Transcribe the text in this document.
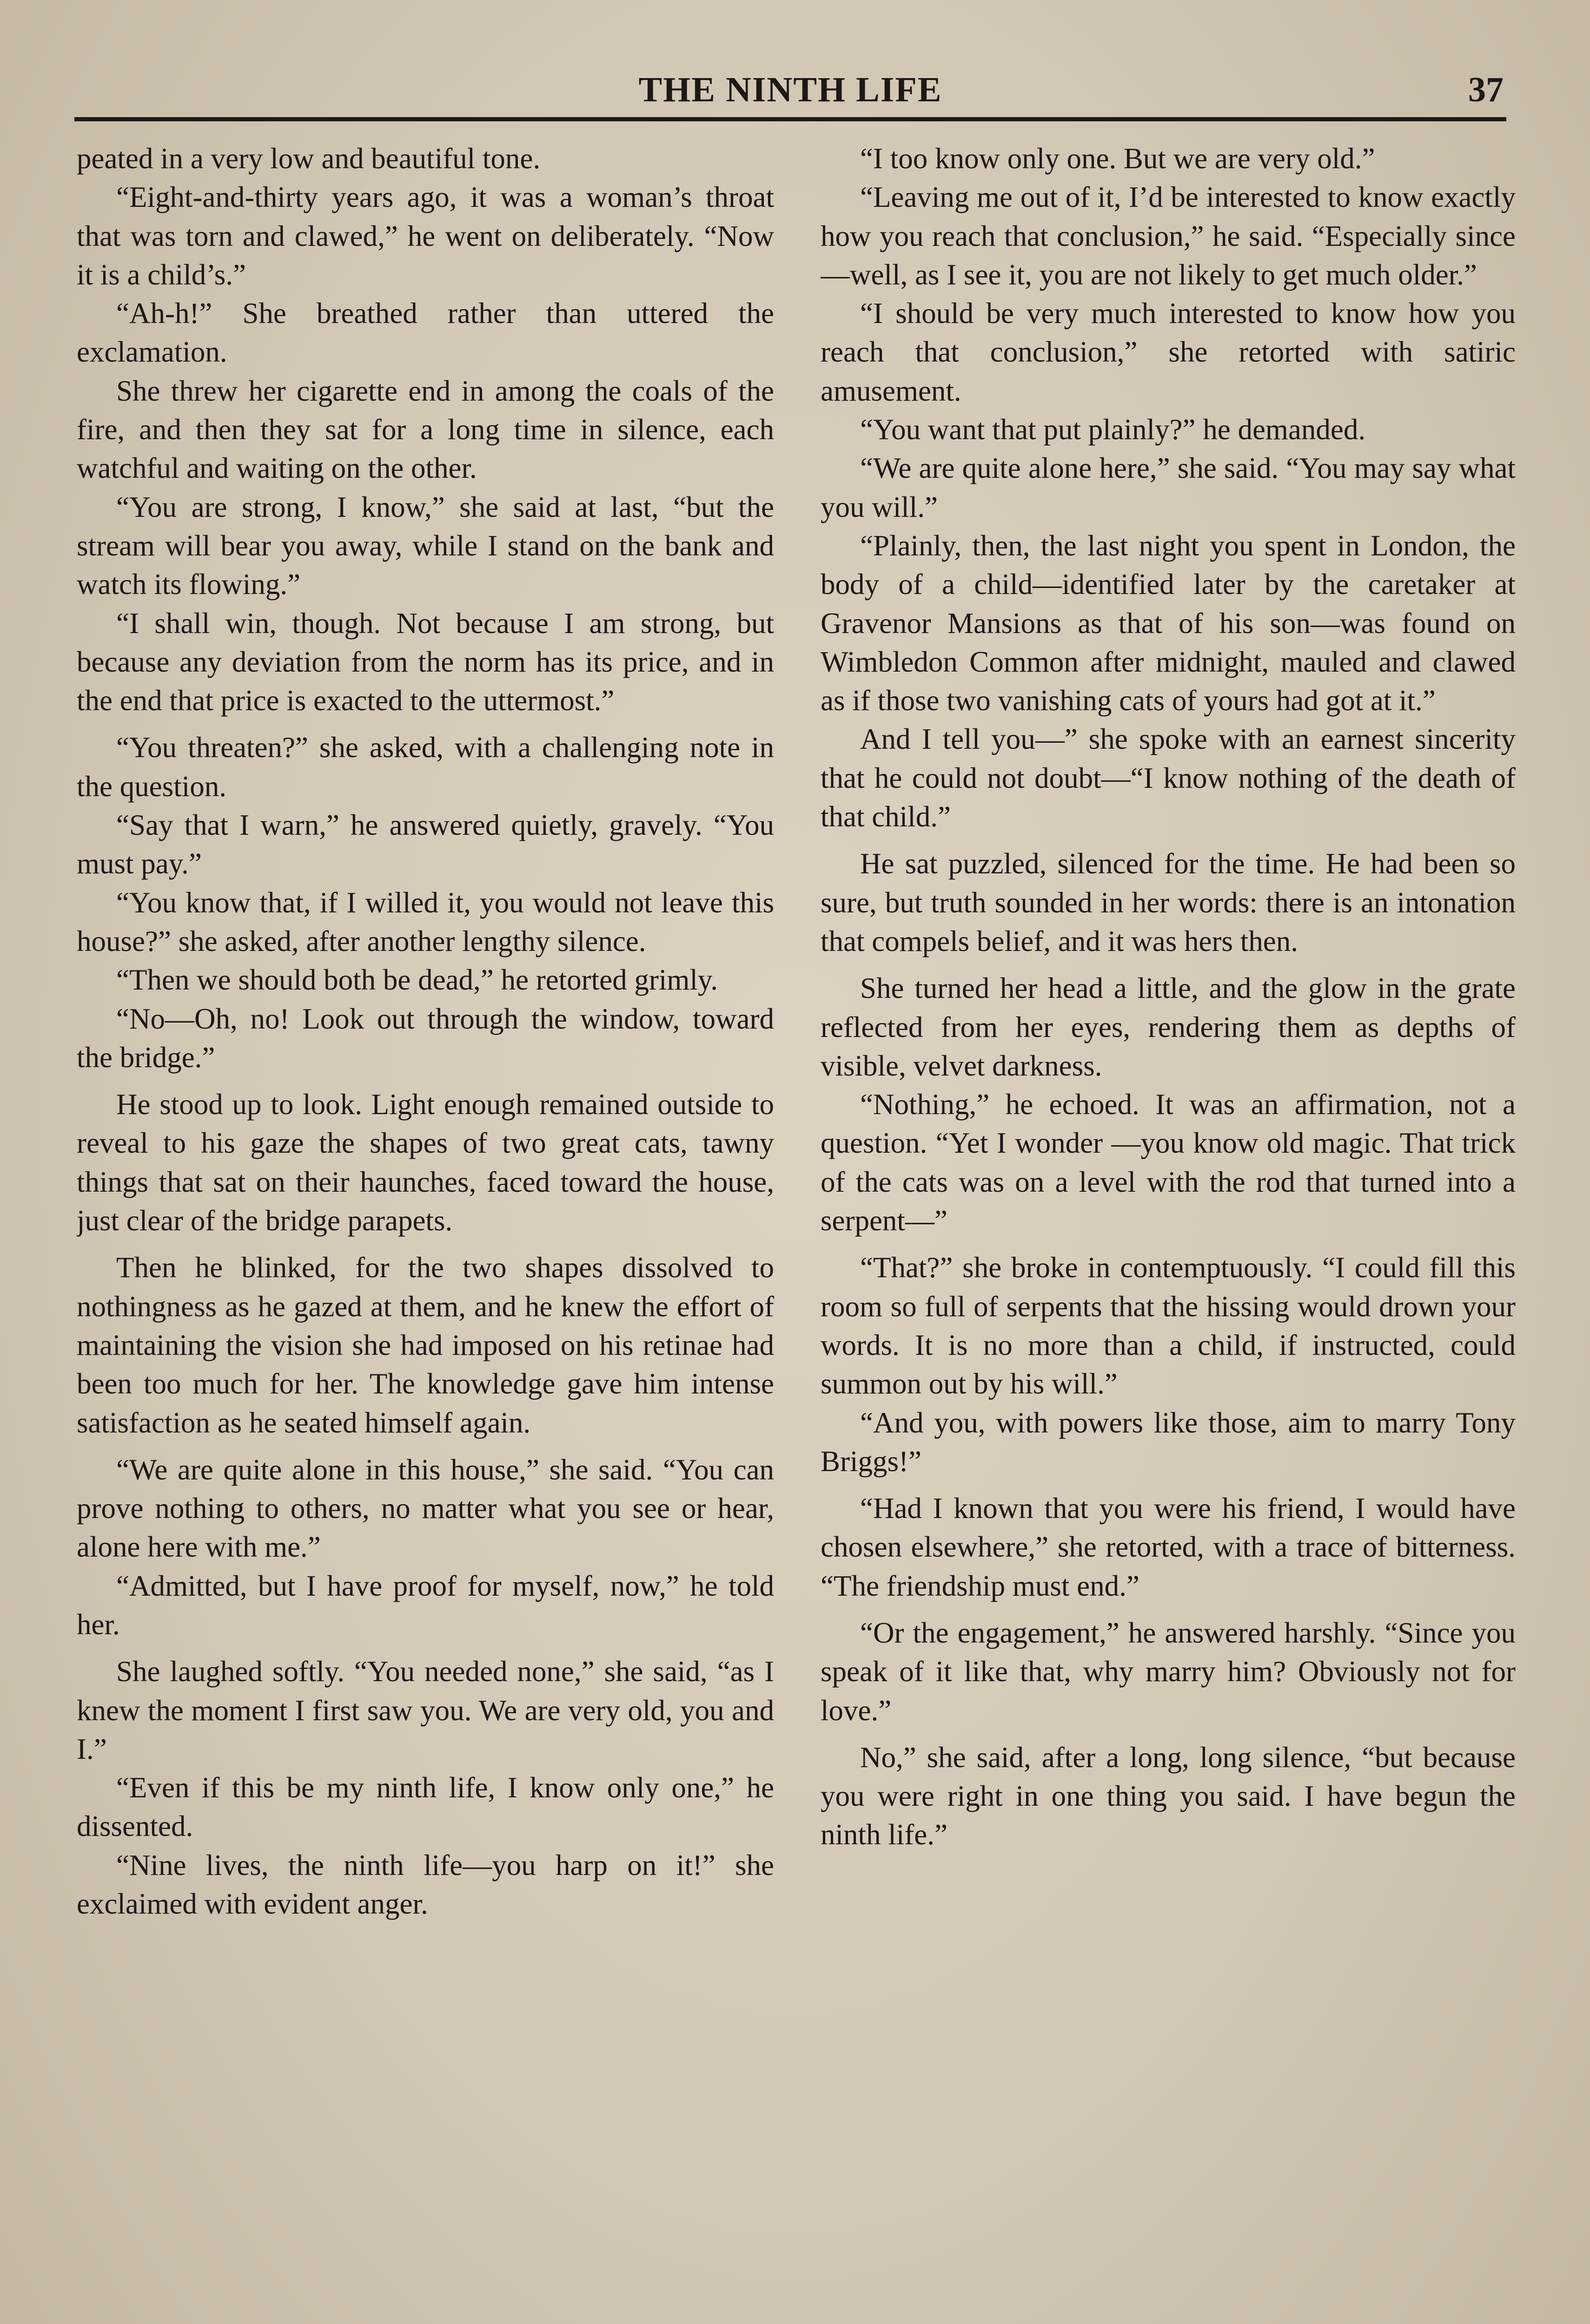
THE NINTH LIFE	37

peated in a very low and beautiful tone.

“Eight-and-thirty years ago, it was a woman’s throat that was torn and clawed,” he went on deliberately. “Now it is a child’s.”

“Ah-h!” She breathed rather than uttered the exclamation.

She threw her cigarette end in among the coals of the fire, and then they sat for a long time in silence, each watchful and waiting on the other.

“You are strong, I know,” she said at last, “but the stream will bear you away, while I stand on the bank and watch its flowing.”

“I shall win, though. Not because I am strong, but because any deviation from the norm has its price, and in the end that price is exacted to the uttermost.”

“You threaten?” she asked, with a challenging note in the question.

“Say that I warn,” he answered quietly, gravely. “You must pay.”

“You know that, if I willed it, you would not leave this house?” she asked, after another lengthy silence.

“Then we should both be dead,” he retorted grimly.

“No—Oh, no! Look out through the window, toward the bridge.”

He stood up to look. Light enough remained outside to reveal to his gaze the shapes of two great cats, tawny things that sat on their haunches, faced toward the house, just clear of the bridge parapets.

Then he blinked, for the two shapes dissolved to nothingness as he gazed at them, and he knew the effort of maintaining the vision she had imposed on his retinae had been too much for her. The knowledge gave him intense satisfaction as he seated himself again.

“We are quite alone in this house,” she said. “You can prove nothing to others, no matter what you see or hear, alone here with me.”

“Admitted, but I have proof for myself, now,” he told her.

She laughed softly. “You needed none,” she said, “as I knew the moment I first saw you. We are very old, you and I.”

“Even if this be my ninth life, I know only one,” he dissented.

“Nine lives, the ninth life—you harp on it!” she exclaimed with evident anger.

“I too know only one. But we are very old.”

“Leaving me out of it, I’d be interested to know exactly how you reach that conclusion,” he said. “Especially since—well, as I see it, you are not likely to get much older.”

“I should be very much interested to know how you reach that conclusion,” she retorted with satiric amusement.

“You want that put plainly?” he demanded.

“We are quite alone here,” she said. “You may say what you will.”

“Plainly, then, the last night you spent in London, the body of a child—identified later by the caretaker at Gravenor Mansions as that of his son—was found on Wimbledon Common after midnight, mauled and clawed as if those two vanishing cats of yours had got at it.”

And I tell you—” she spoke with an earnest sincerity that he could not doubt—“I know nothing of the death of that child.”

He sat puzzled, silenced for the time. He had been so sure, but truth sounded in her words: there is an intonation that compels belief, and it was hers then.

She turned her head a little, and the glow in the grate reflected from her eyes, rendering them as depths of visible, velvet darkness.

“Nothing,” he echoed. It was an affirmation, not a question. “Yet I wonder —you know old magic. That trick of the cats was on a level with the rod that turned into a serpent—”

“That?” she broke in contemptuously. “I could fill this room so full of serpents that the hissing would drown your words. It is no more than a child, if instructed, could summon out by his will.”

“And you, with powers like those, aim to marry Tony Briggs!”

“Had I known that you were his friend, I would have chosen elsewhere,” she retorted, with a trace of bitterness. “The friendship must end.”

“Or the engagement,” he answered harshly. “Since you speak of it like that, why marry him? Obviously not for love.”

No,” she said, after a long, long silence, “but because you were right in one thing you said. I have begun the ninth life.”
